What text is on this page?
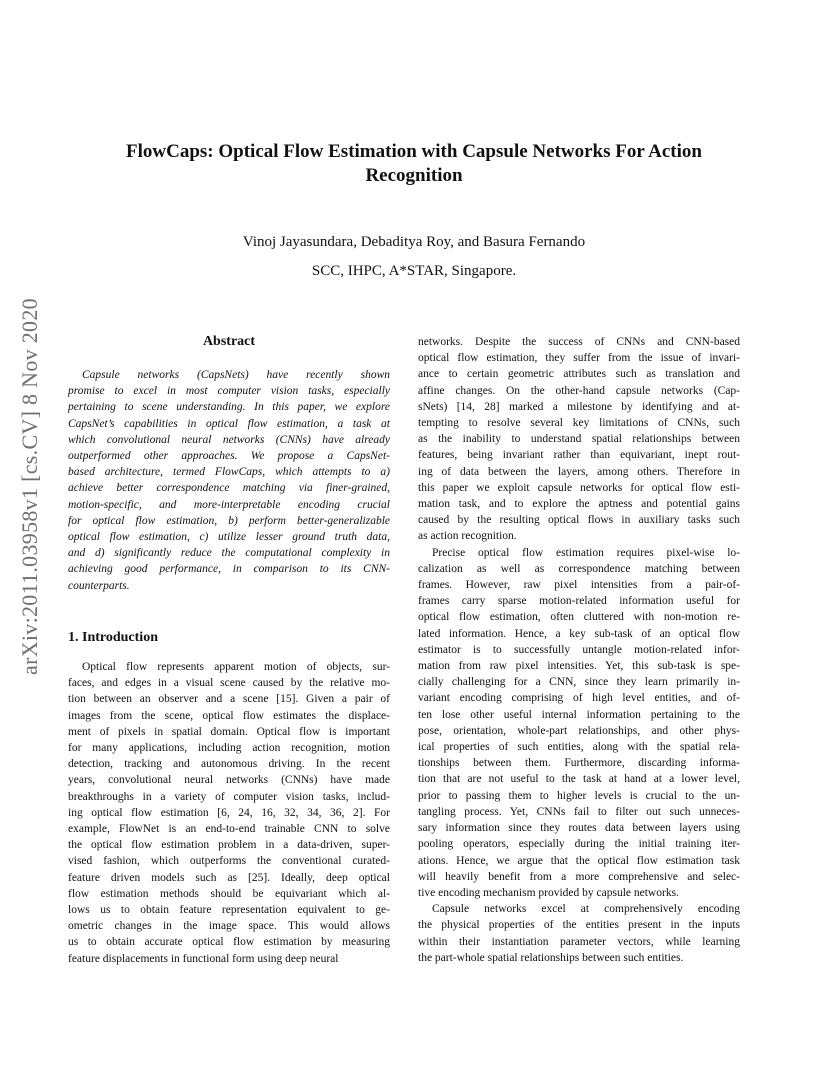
arXiv:2011.03958v1 [cs.CV] 8 Nov 2020
FlowCaps: Optical Flow Estimation with Capsule Networks For Action
Recognition
Vinoj Jayasundara, Debaditya Roy, and Basura Fernando
SCC, IHPC, A*STAR, Singapore.
Abstract
Capsule networks (CapsNets) have recently shown
promise to excel in most computer vision tasks, especially
pertaining to scene understanding. In this paper, we explore
CapsNet’s capabilities in optical flow estimation, a task at
which convolutional neural networks (CNNs) have already
outperformed other approaches. We propose a CapsNet-
based architecture, termed FlowCaps, which attempts to a)
achieve better correspondence matching via finer-grained,
motion-specific, and more-interpretable encoding crucial
for optical flow estimation, b) perform better-generalizable
optical flow estimation, c) utilize lesser ground truth data,
and d) significantly reduce the computational complexity in
achieving good performance, in comparison to its CNN-
counterparts.
1. Introduction
Optical flow represents apparent motion of objects, sur-
faces, and edges in a visual scene caused by the relative mo-
tion between an observer and a scene [15]. Given a pair of
images from the scene, optical flow estimates the displace-
ment of pixels in spatial domain. Optical flow is important
for many applications, including action recognition, motion
detection, tracking and autonomous driving. In the recent
years, convolutional neural networks (CNNs) have made
breakthroughs in a variety of computer vision tasks, includ-
ing optical flow estimation [6, 24, 16, 32, 34, 36, 2]. For
example, FlowNet is an end-to-end trainable CNN to solve
the optical flow estimation problem in a data-driven, super-
vised fashion, which outperforms the conventional curated-
feature driven models such as [25]. Ideally, deep optical
flow estimation methods should be equivariant which al-
lows us to obtain feature representation equivalent to ge-
ometric changes in the image space. This would allows
us to obtain accurate optical flow estimation by measuring
feature displacements in functional form using deep neural
networks. Despite the success of CNNs and CNN-based
optical flow estimation, they suffer from the issue of invari-
ance to certain geometric attributes such as translation and
affine changes. On the other-hand capsule networks (Cap-
sNets) [14, 28] marked a milestone by identifying and at-
tempting to resolve several key limitations of CNNs, such
as the inability to understand spatial relationships between
features, being invariant rather than equivariant, inept rout-
ing of data between the layers, among others. Therefore in
this paper we exploit capsule networks for optical flow esti-
mation task, and to explore the aptness and potential gains
caused by the resulting optical flows in auxiliary tasks such
as action recognition.
Precise optical flow estimation requires pixel-wise lo-
calization as well as correspondence matching between
frames. However, raw pixel intensities from a pair-of-
frames carry sparse motion-related information useful for
optical flow estimation, often cluttered with non-motion re-
lated information. Hence, a key sub-task of an optical flow
estimator is to successfully untangle motion-related infor-
mation from raw pixel intensities. Yet, this sub-task is spe-
cially challenging for a CNN, since they learn primarily in-
variant encoding comprising of high level entities, and of-
ten lose other useful internal information pertaining to the
pose, orientation, whole-part relationships, and other phys-
ical properties of such entities, along with the spatial rela-
tionships between them. Furthermore, discarding informa-
tion that are not useful to the task at hand at a lower level,
prior to passing them to higher levels is crucial to the un-
tangling process. Yet, CNNs fail to filter out such unneces-
sary information since they routes data between layers using
pooling operators, especially during the initial training iter-
ations. Hence, we argue that the optical flow estimation task
will heavily benefit from a more comprehensive and selec-
tive encoding mechanism provided by capsule networks.
Capsule networks excel at comprehensively encoding
the physical properties of the entities present in the inputs
within their instantiation parameter vectors, while learning
the part-whole spatial relationships between such entities.
